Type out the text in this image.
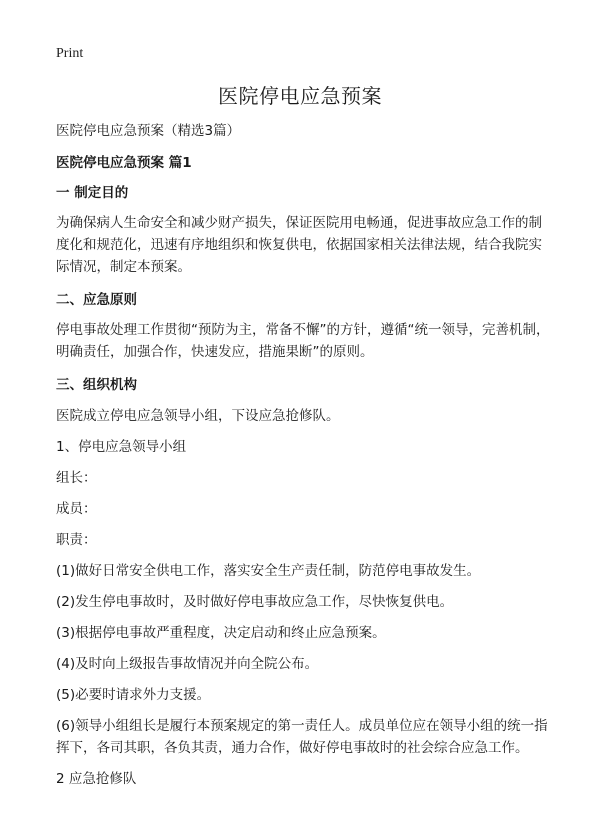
Print
医院停电应急预案

医院停电应急预案（精选3篇）

医院停电应急预案 篇1

一 制定目的

为确保病人生命安全和减少财产损失，保证医院用电畅通，促进事故应急工作的制度化和规范化，迅速有序地组织和恢复供电，依据国家相关法律法规，结合我院实际情况，制定本预案。

二、应急原则

停电事故处理工作贯彻“预防为主，常备不懈”的方针，遵循“统一领导，完善机制，明确责任，加强合作，快速发应，措施果断”的原则。

三、组织机构

医院成立停电应急领导小组，下设应急抢修队。

1、停电应急领导小组

组长：

成员：

职责：

(1)做好日常安全供电工作，落实安全生产责任制，防范停电事故发生。

(2)发生停电事故时，及时做好停电事故应急工作，尽快恢复供电。

(3)根据停电事故严重程度，决定启动和终止应急预案。

(4)及时向上级报告事故情况并向全院公布。

(5)必要时请求外力支援。

(6)领导小组组长是履行本预案规定的第一责任人。成员单位应在领导小组的统一指挥下，各司其职，各负其责，通力合作，做好停电事故时的社会综合应急工作。

2 应急抢修队
